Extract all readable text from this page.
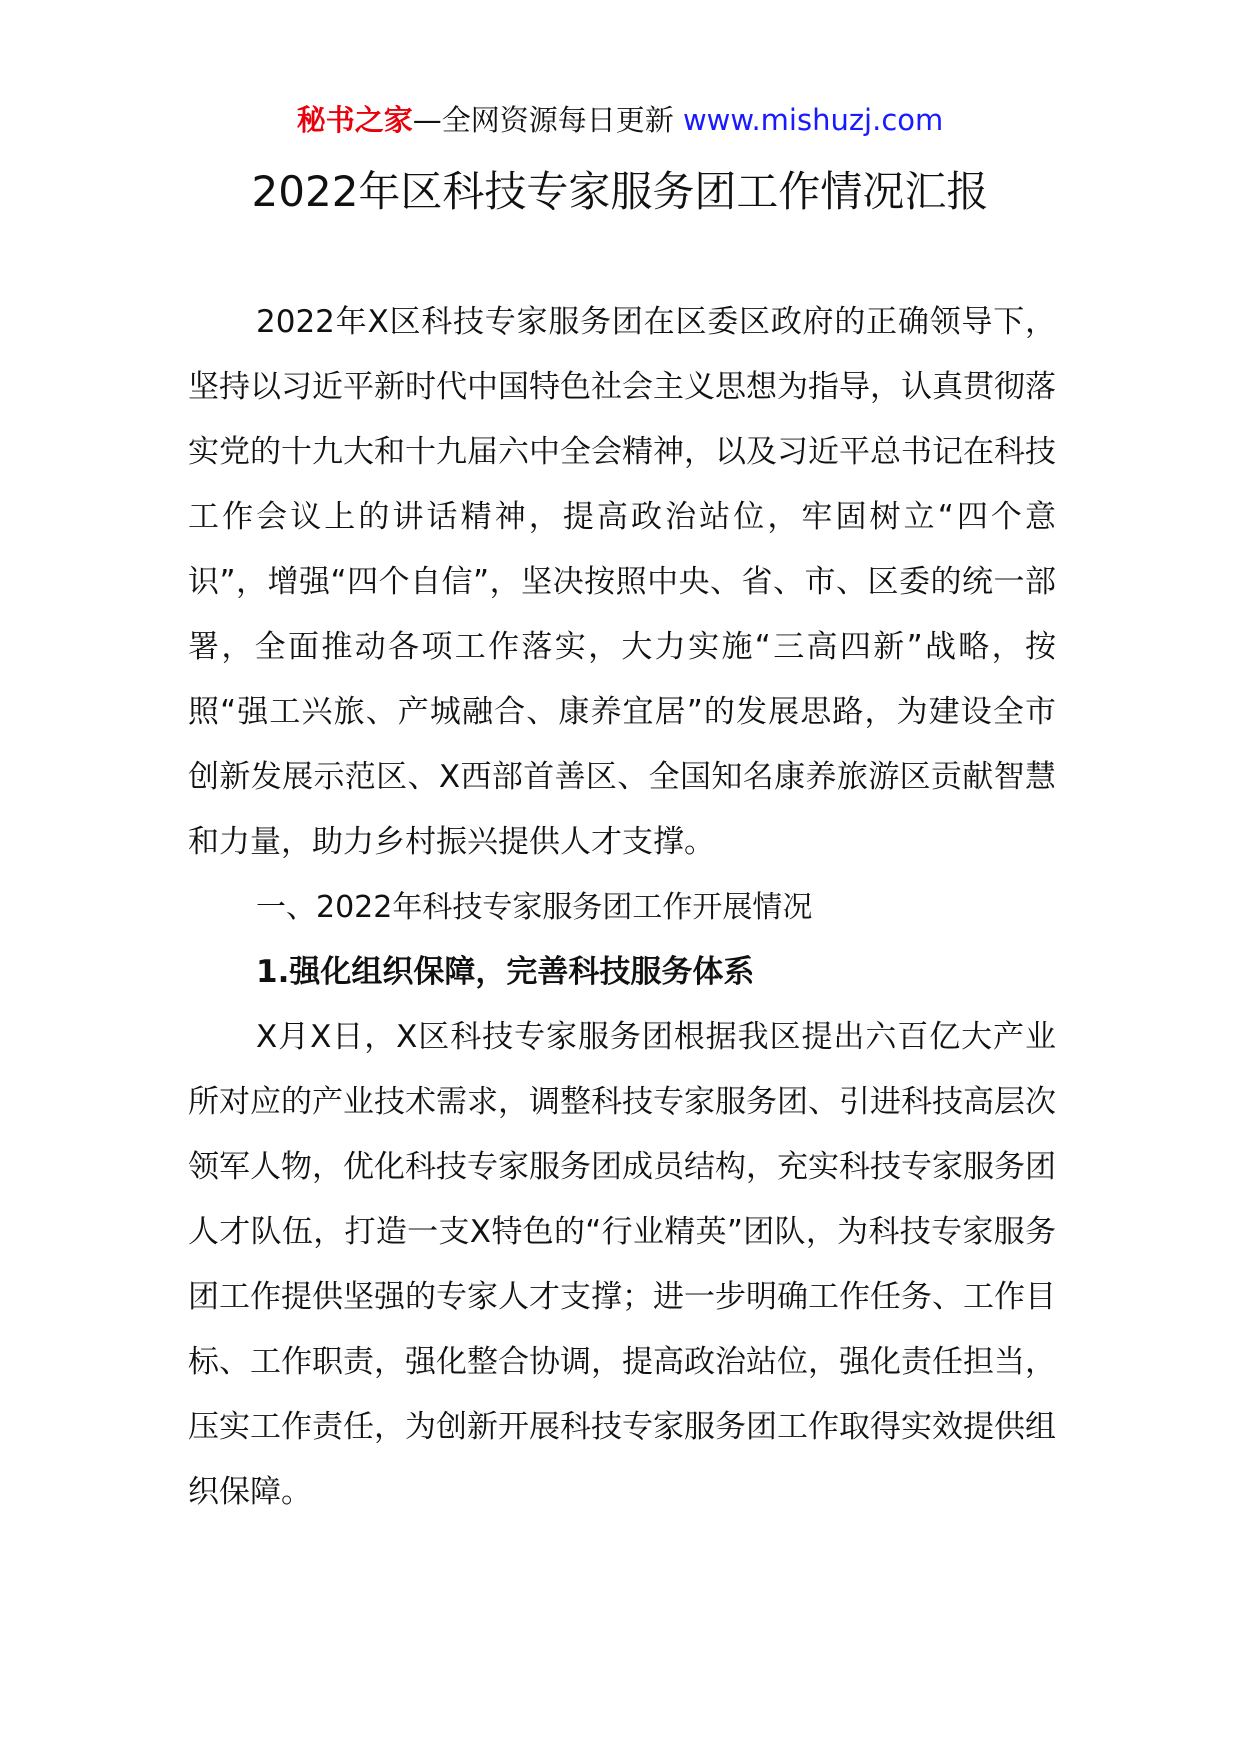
秘书之家—全网资源每日更新 www.mishuzj.com
2022年区科技专家服务团工作情况汇报

2022年X区科技专家服务团在区委区政府的正确领导下，坚持以习近平新时代中国特色社会主义思想为指导，认真贯彻落实党的十九大和十九届六中全会精神，以及习近平总书记在科技工作会议上的讲话精神，提高政治站位，牢固树立“四个意识”，增强“四个自信”，坚决按照中央、省、市、区委的统一部署，全面推动各项工作落实，大力实施“三高四新”战略，按照“强工兴旅、产城融合、康养宜居”的发展思路，为建设全市创新发展示范区、X西部首善区、全国知名康养旅游区贡献智慧和力量，助力乡村振兴提供人才支撑。

一、2022年科技专家服务团工作开展情况
1.强化组织保障，完善科技服务体系

X月X日，X区科技专家服务团根据我区提出六百亿大产业所对应的产业技术需求，调整科技专家服务团、引进科技高层次领军人物，优化科技专家服务团成员结构，充实科技专家服务团人才队伍，打造一支X特色的“行业精英”团队，为科技专家服务团工作提供坚强的专家人才支撑；进一步明确工作任务、工作目标、工作职责，强化整合协调，提高政治站位，强化责任担当，压实工作责任，为创新开展科技专家服务团工作取得实效提供组织保障。
